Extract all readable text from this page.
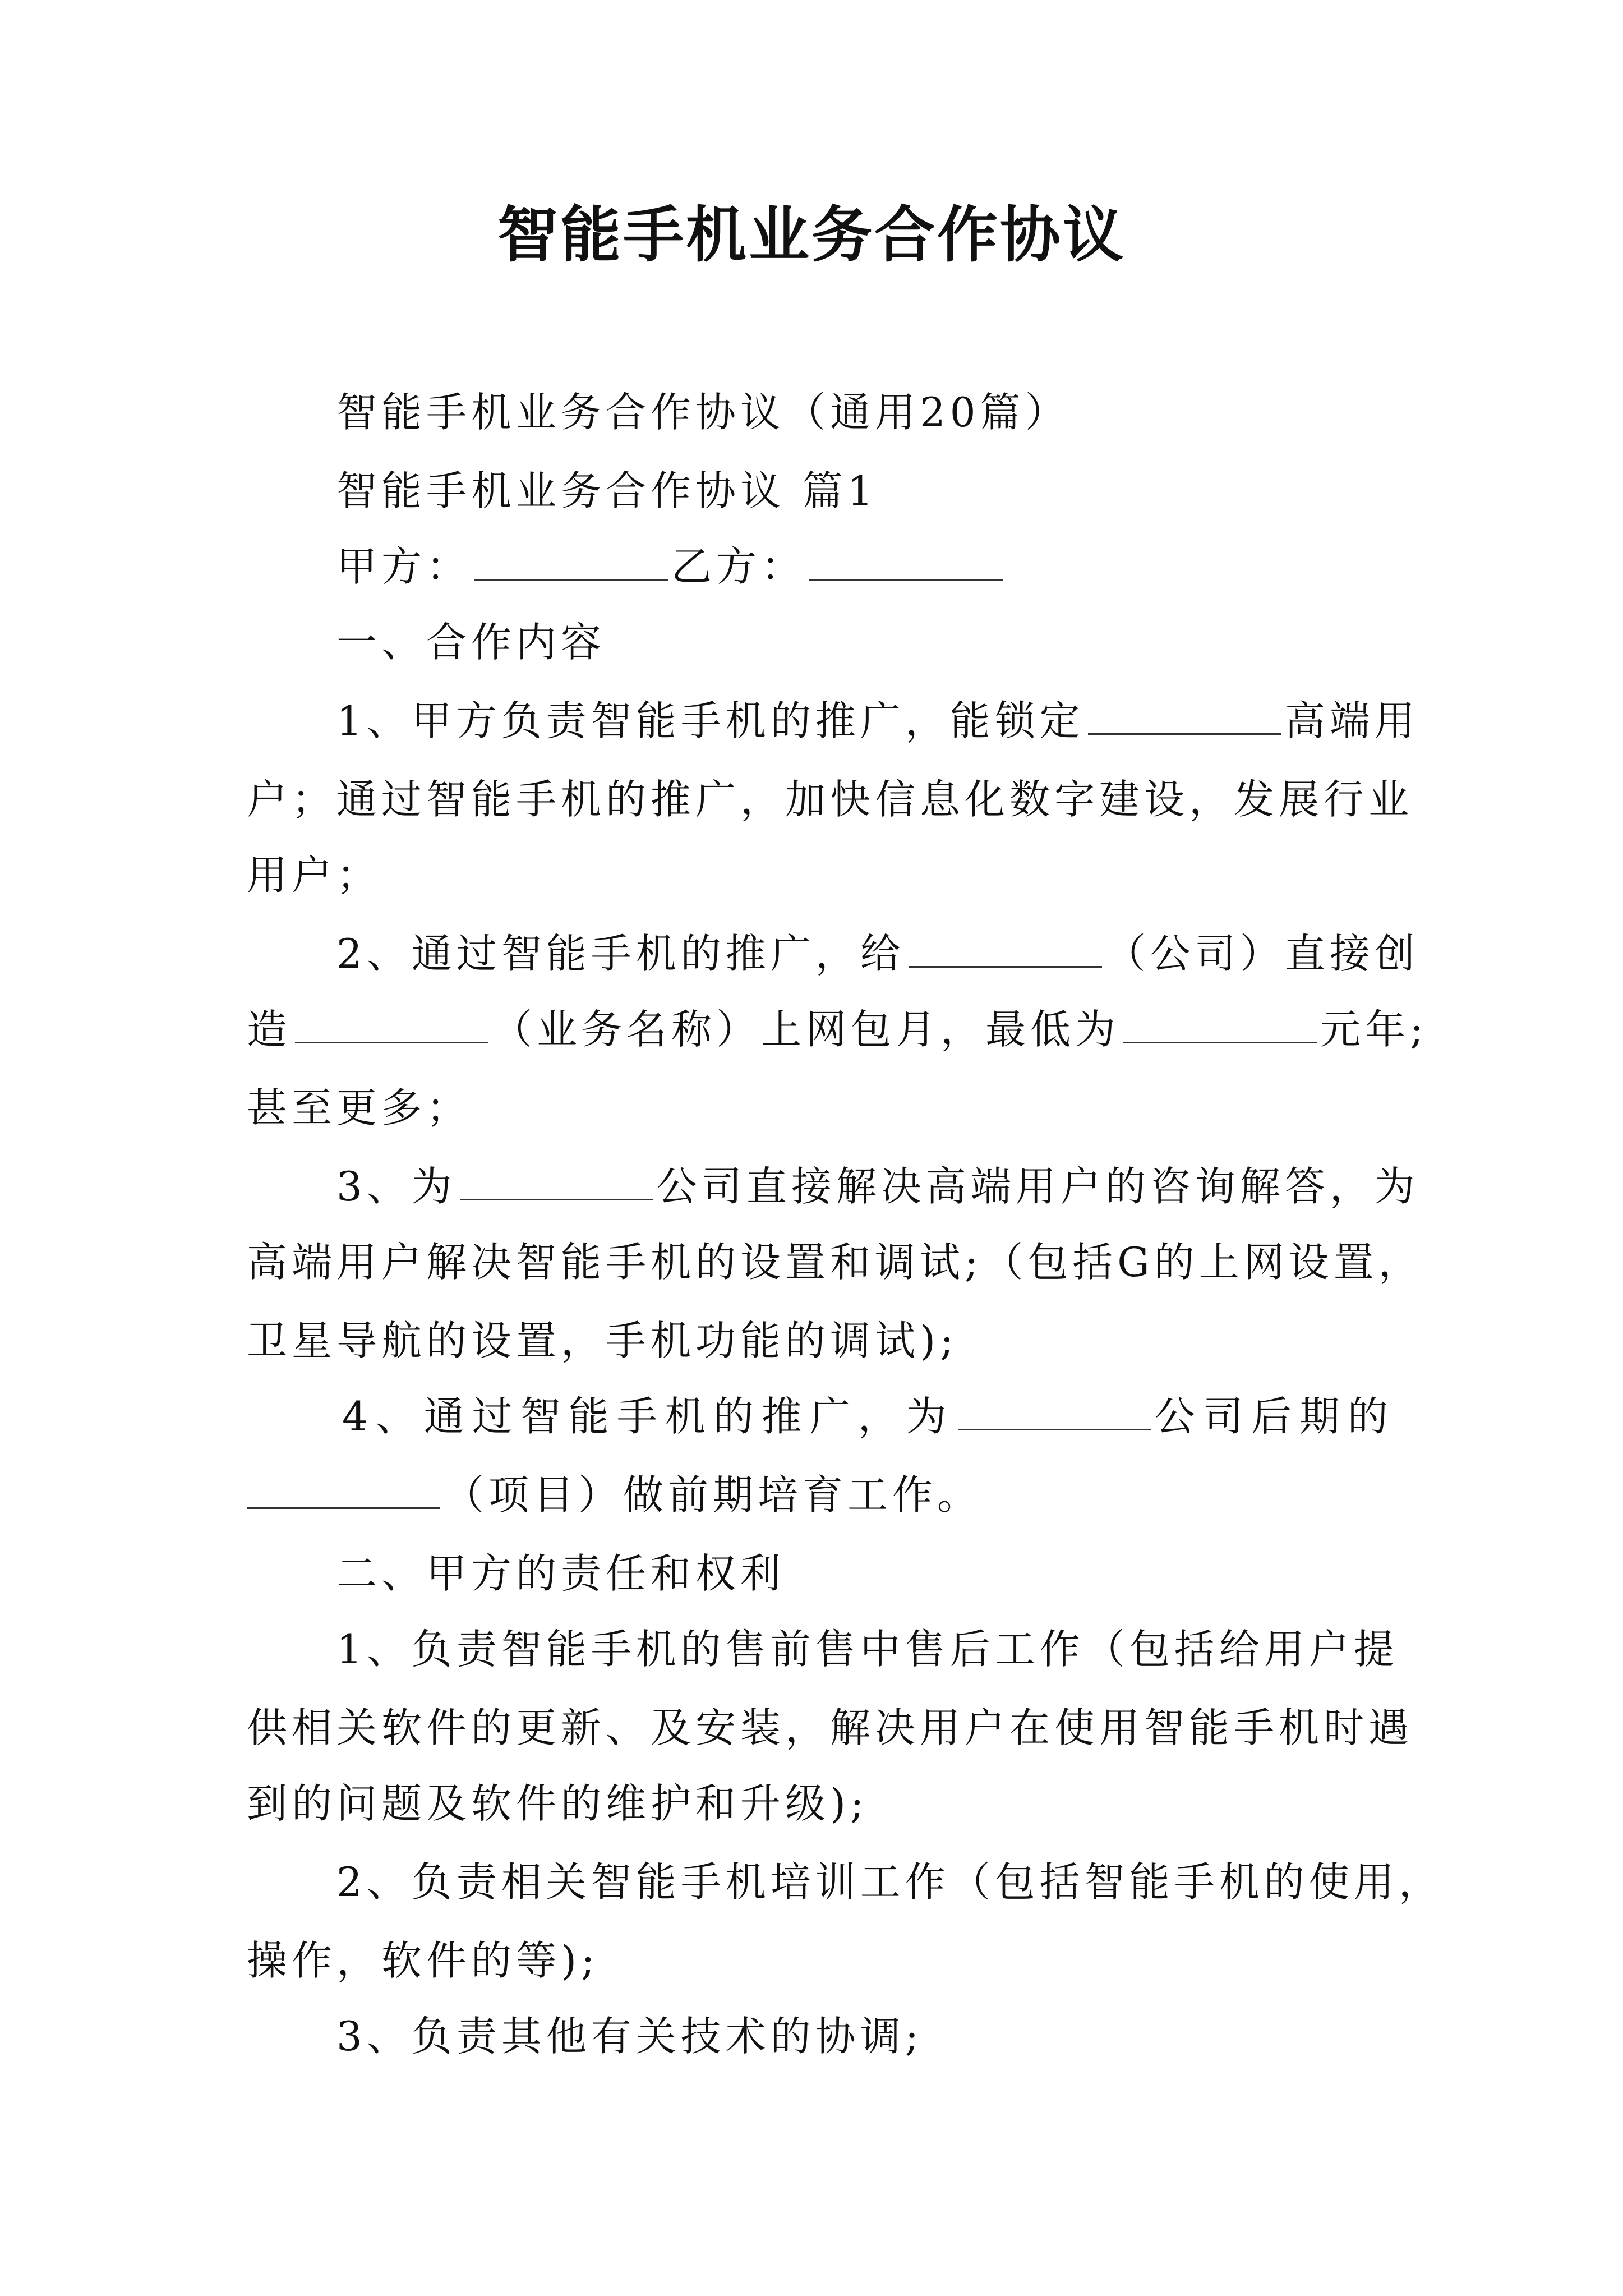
智能手机业务合作协议
智能手机业务合作协议（通用20篇）
智能手机业务合作协议 篇1
甲方：	乙方：
一、合作内容
1、甲方负责智能手机的推广，能锁定	高端用
户；通过智能手机的推广，加快信息化数字建设，发展行业
用户；
2、通过智能手机的推广，给	（公司）直接创
造	（业务名称）上网包月，最低为	元年;
甚至更多；
3、为	公司直接解决高端用户的咨询解答，为
高端用户解决智能手机的设置和调试;（包括G的上网设置，
卫星导航的设置，手机功能的调试);
4、通过智能手机的推广，为	公司后期的
（项目）做前期培育工作。
二、甲方的责任和权利
1、负责智能手机的售前售中售后工作（包括给用户提
供相关软件的更新、及安装，解决用户在使用智能手机时遇
到的问题及软件的维护和升级);
2、负责相关智能手机培训工作（包括智能手机的使用，
操作，软件的等);
3、负责其他有关技术的协调;
